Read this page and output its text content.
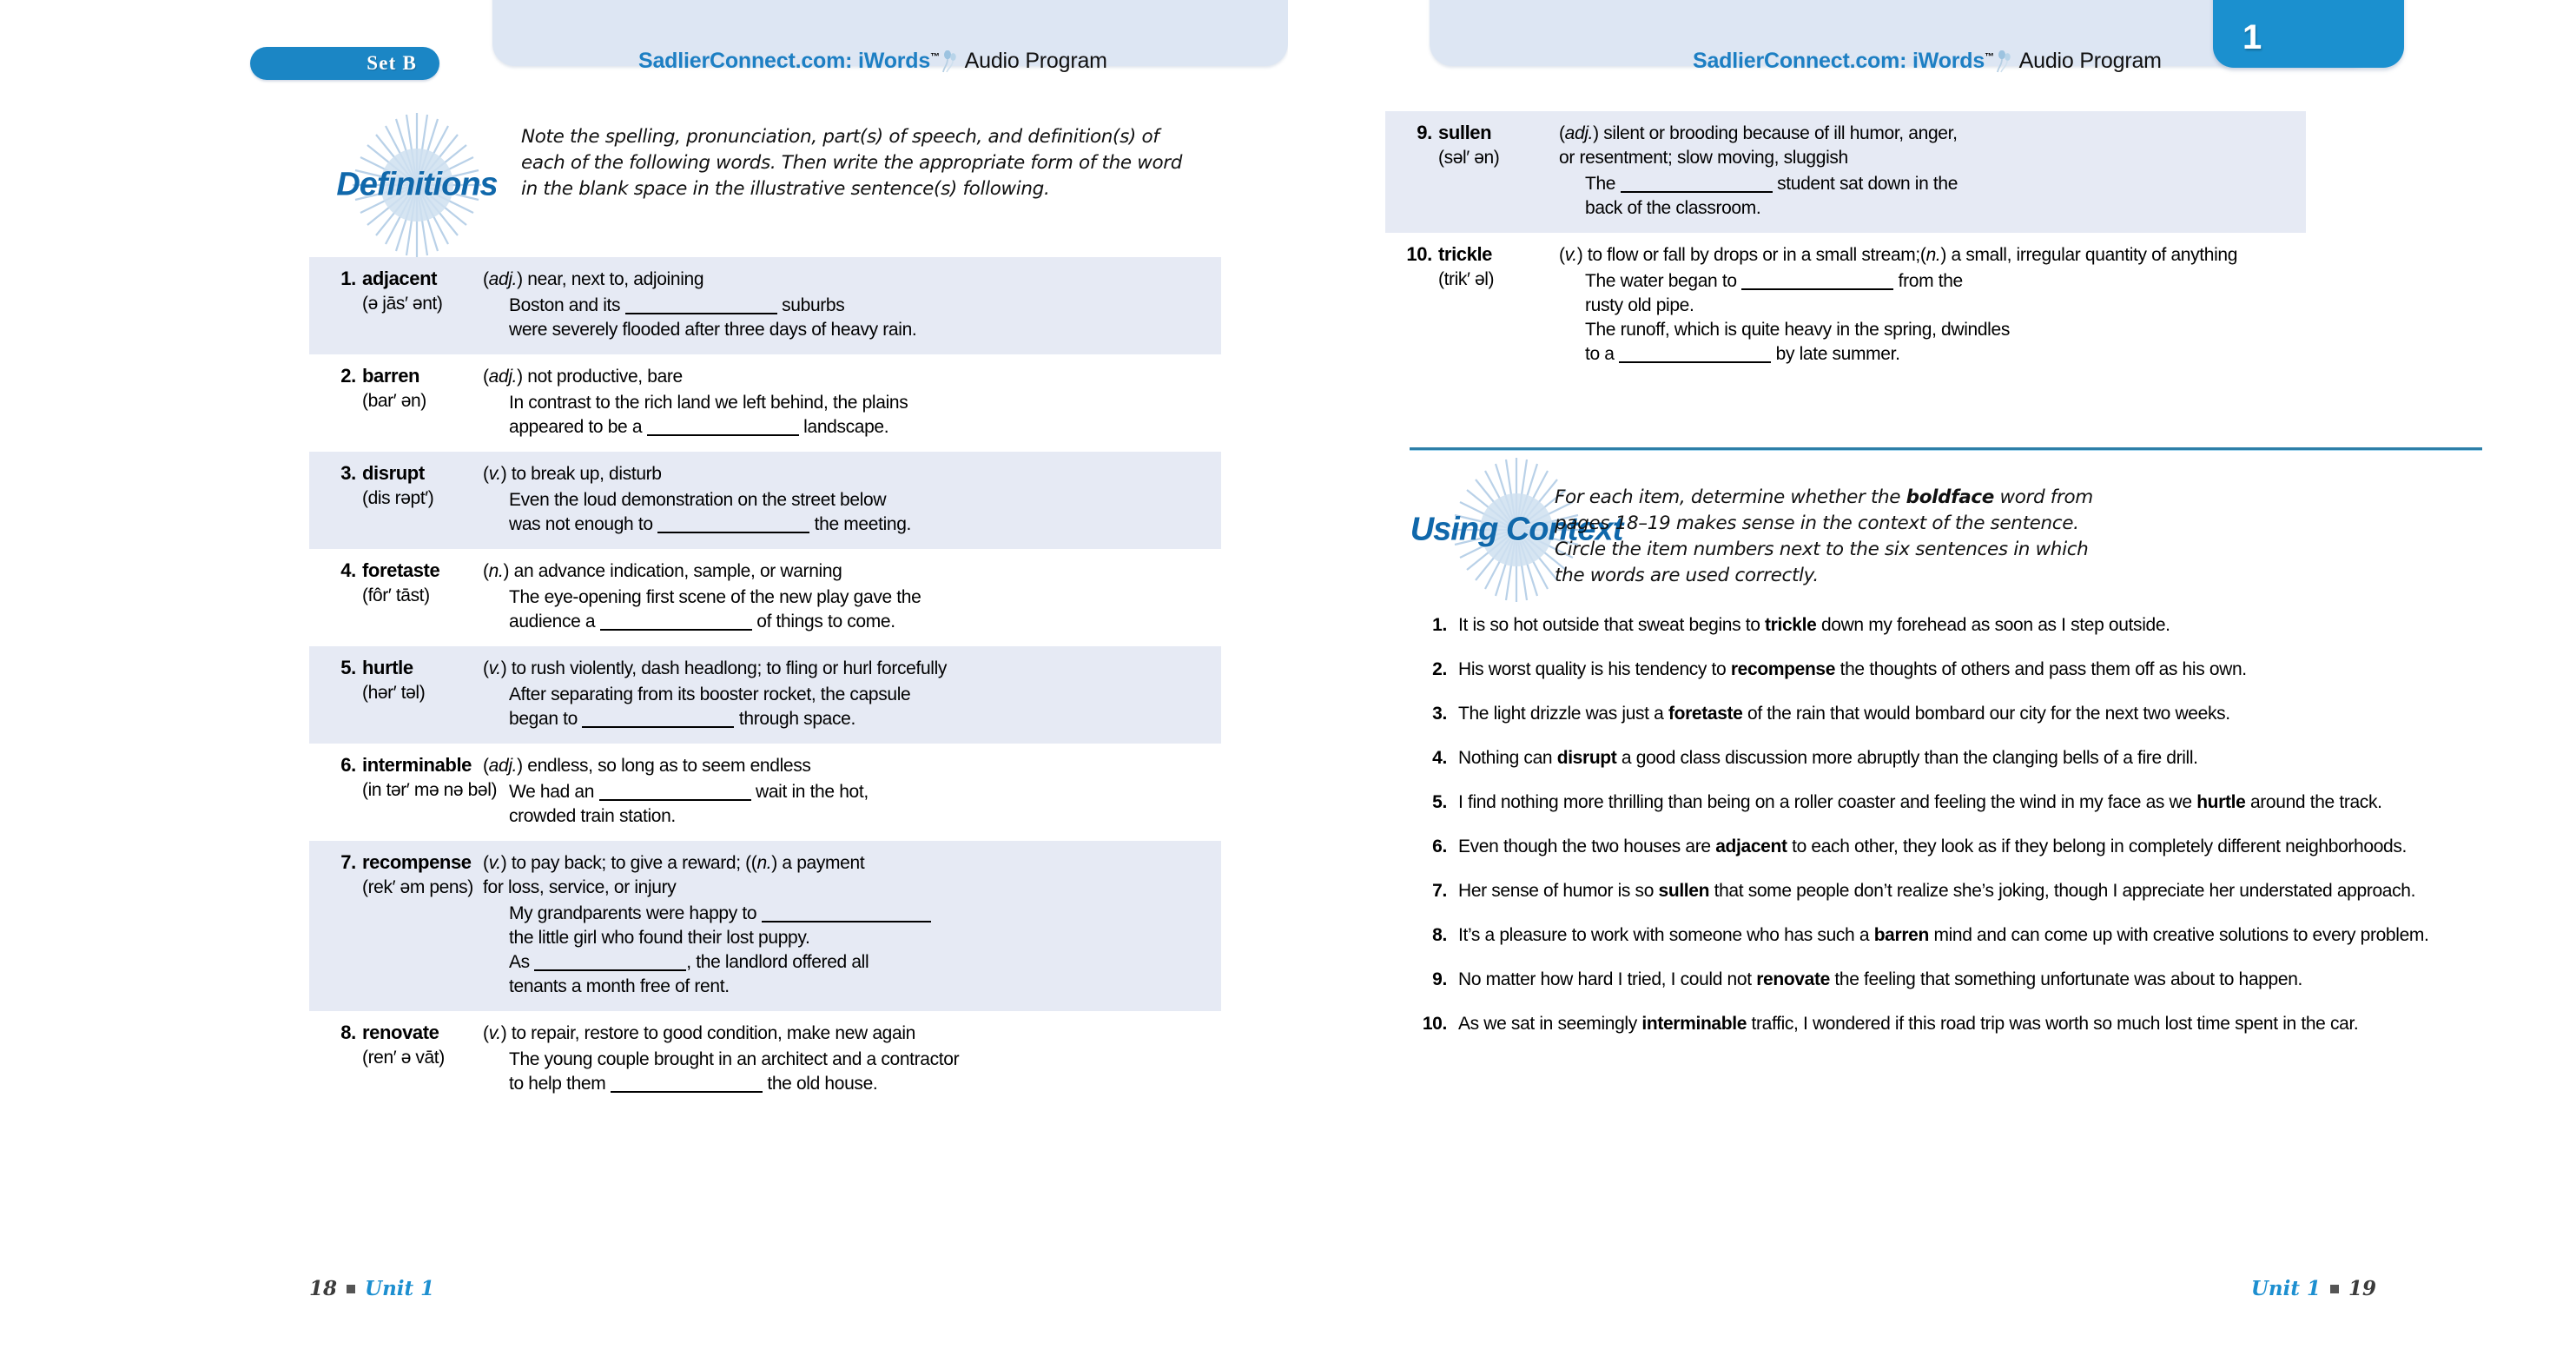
Set B	SadlierConnect.com: iWords™ Audio Program
Definitions
Note the spelling, pronunciation, part(s) of speech, and definition(s) of each of the following words. Then write the appropriate form of the word in the blank space in the illustrative sentence(s) following.
1. adjacent
(ə jās′ ənt)
(adj.) near, next to, adjoining
Boston and its	suburbs
were severely flooded after three days of heavy rain.
2. barren
(bar′ ən)
(adj.) not productive, bare
In contrast to the rich land we left behind, the plains
appeared to be a	landscape.
3. disrupt
(dis rəpt′)
(v.) to break up, disturb
Even the loud demonstration on the street below
was not enough to	the meeting.
4. foretaste
(fôr′ tāst)
(n.) an advance indication, sample, or warning
The eye-opening first scene of the new play gave the
audience a	of things to come.
5. hurtle
(hər′ təl)
(v.) to rush violently, dash headlong; to fling or hurl forcefully
After separating from its booster rocket, the capsule
began to	through space.
6. interminable
(in tər′ mə nə bəl)
(adj.) endless, so long as to seem endless
We had an	wait in the hot,
crowded train station.
7. recompense
(rek′ əm pens)
(v.) to pay back; to give a reward; ((n.) a payment
for loss, service, or injury
My grandparents were happy to
the little girl who found their lost puppy.
As	, the landlord offered all
tenants a month free of rent.
8. renovate
(ren′ ə vāt)
(v.) to repair, restore to good condition, make new again
The young couple brought in an architect and a contractor
to help them	the old house.
18 Unit 1
SadlierConnect.com: iWords™ Audio Program
9. sullen
(səl′ ən)
(adj.) silent or brooding because of ill humor, anger,
or resentment; slow moving, sluggish
The	student sat down in the
back of the classroom.
10. trickle
(trik′ əl)
(v.) to flow or fall by drops or in a small stream;(n.) a small, irregular quantity of anything
The water began to	from the
rusty old pipe.
The runoff, which is quite heavy in the spring, dwindles
to a	by late summer.
Using Context
For each item, determine whether the boldface word from pages 18–19 makes sense in the context of the sentence. Circle the item numbers next to the six sentences in which the words are used correctly.
1. It is so hot outside that sweat begins to trickle down my forehead as soon as I step outside.
2. His worst quality is his tendency to recompense the thoughts of others and pass them off as his own.
3. The light drizzle was just a foretaste of the rain that would bombard our city for the next two weeks.
4. Nothing can disrupt a good class discussion more abruptly than the clanging bells of a fire drill.
5. I find nothing more thrilling than being on a roller coaster and feeling the wind in my face as we hurtle around the track.
6. Even though the two houses are adjacent to each other, they look as if they belong in completely different neighborhoods.
7. Her sense of humor is so sullen that some people don’t realize she’s joking, though I appreciate her understated approach.
8. It’s a pleasure to work with someone who has such a barren mind and can come up with creative solutions to every problem.
9. No matter how hard I tried, I could not renovate the feeling that something unfortunate was about to happen.
10. As we sat in seemingly interminable traffic, I wondered if this road trip was worth so much lost time spent in the car.
Unit 1 19
1
